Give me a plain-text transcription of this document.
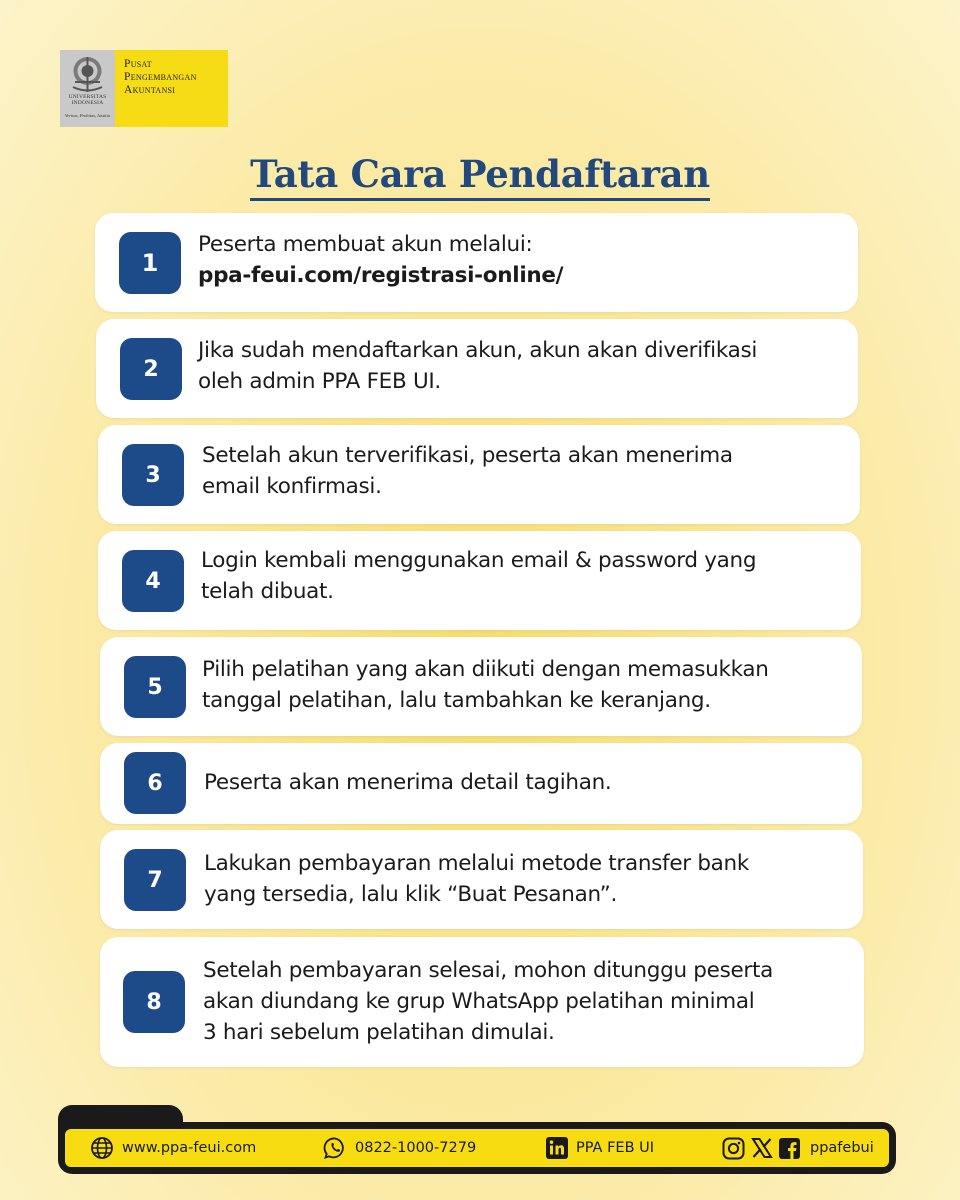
UNIVERSITAS
INDONESIA
Veritas, Probitas, Iustitia
Pusat
Pengembangan
Akuntansi
Tata Cara Pendaftaran
1
Peserta membuat akun melalui:
ppa-feui.com/registrasi-online/
2
Jika sudah mendaftarkan akun, akun akan diverifikasi
oleh admin PPA FEB UI.
3
Setelah akun terverifikasi, peserta akan menerima
email konfirmasi.
4
Login kembali menggunakan email & password yang
telah dibuat.
5
Pilih pelatihan yang akan diikuti dengan memasukkan
tanggal pelatihan, lalu tambahkan ke keranjang.
6	Peserta akan menerima detail tagihan.
7
Lakukan pembayaran melalui metode transfer bank
yang tersedia, lalu klik “Buat Pesanan”.
8
Setelah pembayaran selesai, mohon ditunggu peserta
akan diundang ke grup WhatsApp pelatihan minimal
3 hari sebelum pelatihan dimulai.
www.ppa-feui.com	0822-1000-7279	PPA FEB UI	ppafebui
